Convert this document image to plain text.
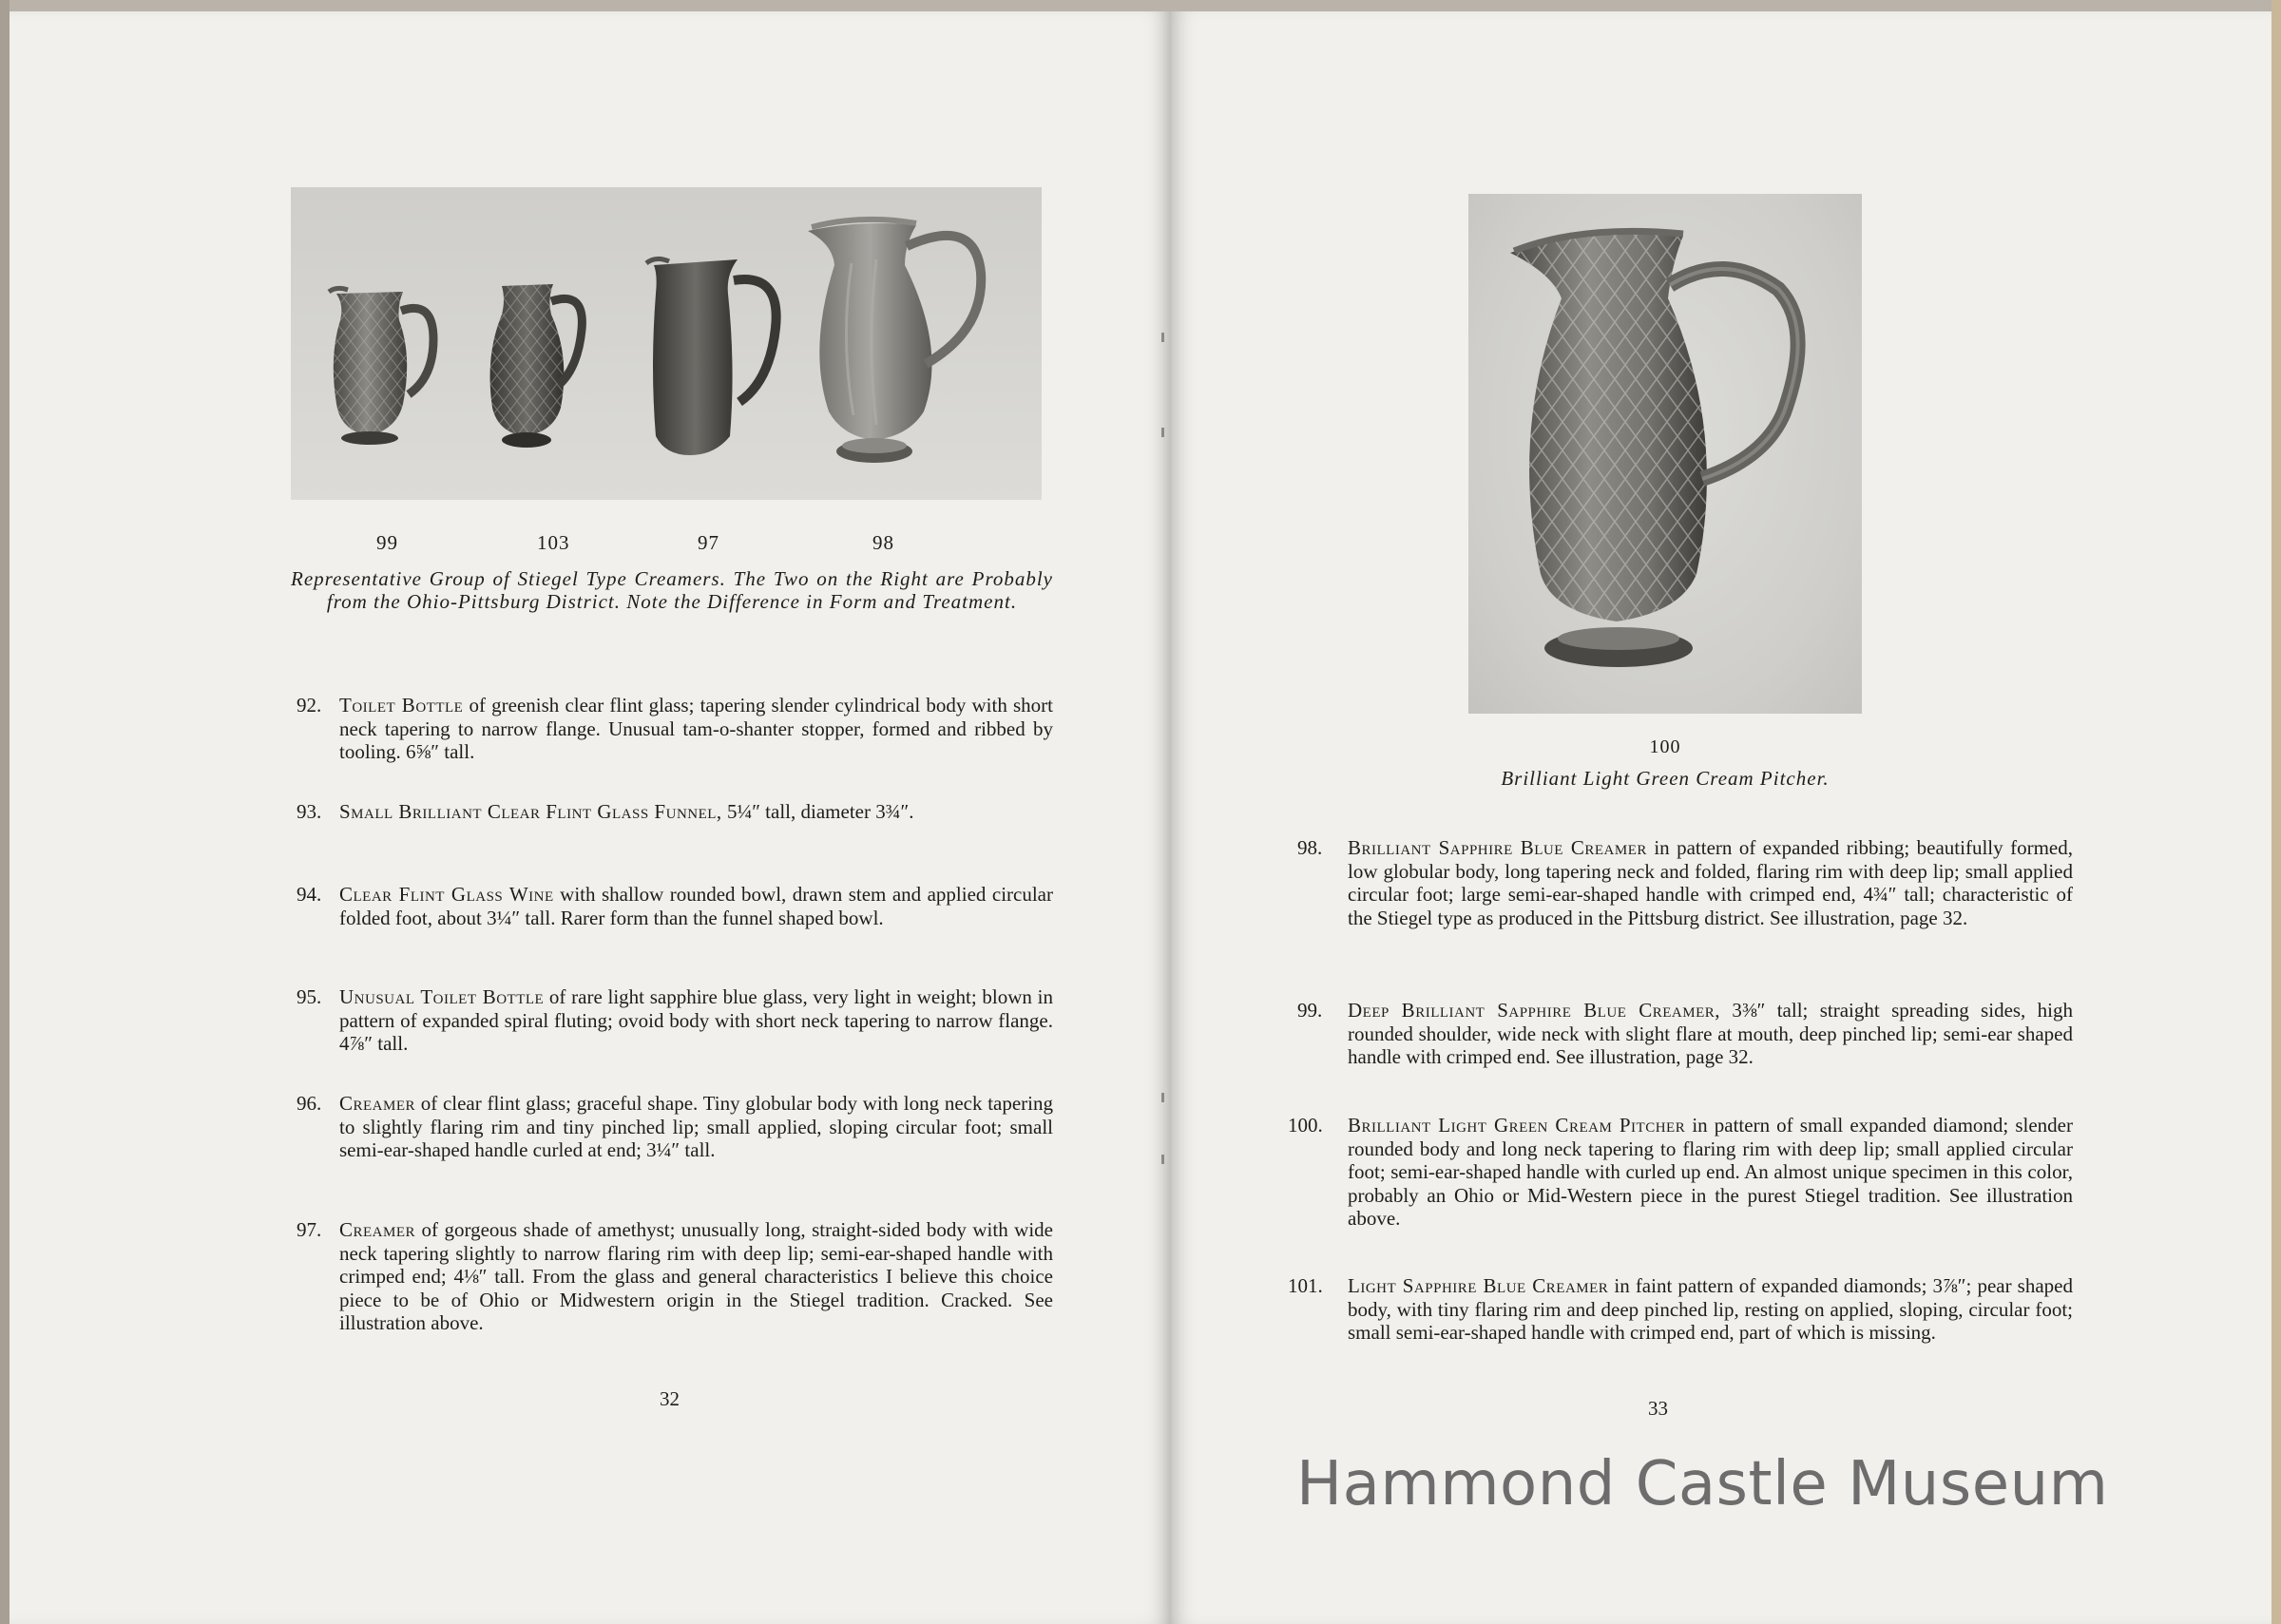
99	103	97	98
Representative Group of Stiegel Type Creamers. The Two on the Right are Probably from the Ohio-Pittsburg District. Note the Difference in Form and Treatment.
92. Toilet Bottle of greenish clear flint glass; tapering slender cylindrical body with short neck tapering to narrow flange. Unusual tam-o-shanter stopper, formed and ribbed by tooling. 6⅝″ tall.
93. Small Brilliant Clear Flint Glass Funnel, 5¼″ tall, diameter 3¾″.
94. Clear Flint Glass Wine with shallow rounded bowl, drawn stem and applied circular folded foot, about 3¼″ tall. Rarer form than the funnel shaped bowl.
95. Unusual Toilet Bottle of rare light sapphire blue glass, very light in weight; blown in pattern of expanded spiral fluting; ovoid body with short neck tapering to narrow flange. 4⅞″ tall.
96. Creamer of clear flint glass; graceful shape. Tiny globular body with long neck tapering to slightly flaring rim and tiny pinched lip; small applied, sloping circular foot; small semi-ear-shaped handle curled at end; 3¼″ tall.
97. Creamer of gorgeous shade of amethyst; unusually long, straight-sided body with wide neck tapering slightly to narrow flaring rim with deep lip; semi-ear-shaped handle with crimped end; 4⅛″ tall. From the glass and general characteristics I believe this choice piece to be of Ohio or Midwestern origin in the Stiegel tradition. Cracked. See illustration above.
32
100
Brilliant Light Green Cream Pitcher.
98.	Brilliant Sapphire Blue Creamer in pattern of expanded ribbing; beautifully formed, low globular body, long tapering neck and folded, flaring rim with deep lip; small applied circular foot; large semi-ear-shaped handle with crimped end, 4¾″ tall; characteristic of the Stiegel type as produced in the Pittsburg district. See illustration, page 32.
99.	Deep Brilliant Sapphire Blue Creamer, 3⅜″ tall; straight spreading sides, high rounded shoulder, wide neck with slight flare at mouth, deep pinched lip; semi-ear shaped handle with crimped end. See illustration, page 32.
100.	Brilliant Light Green Cream Pitcher in pattern of small expanded diamond; slender rounded body and long neck tapering to flaring rim with deep lip; small applied circular foot; semi-ear-shaped handle with curled up end. An almost unique specimen in this color, probably an Ohio or Mid-Western piece in the purest Stiegel tradition. See illustration above.
101.	Light Sapphire Blue Creamer in faint pattern of expanded diamonds; 3⅞″; pear shaped body, with tiny flaring rim and deep pinched lip, resting on applied, sloping, circular foot; small semi-ear-shaped handle with crimped end, part of which is missing.
33
Hammond Castle Museum
